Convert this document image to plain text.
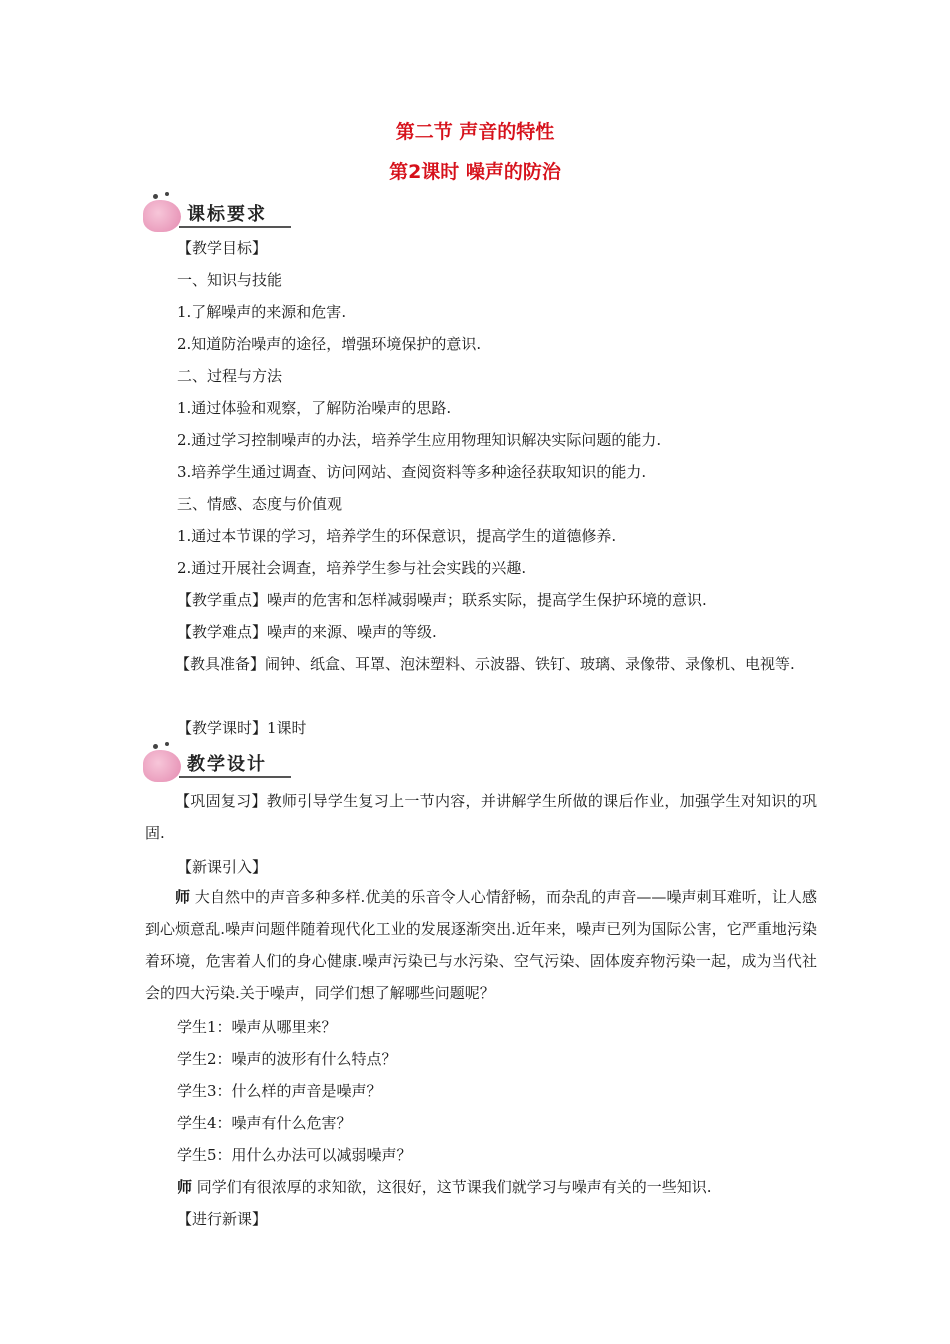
第二节 声音的特性
第2课时 噪声的防治
课标要求
【教学目标】
一、知识与技能
1.了解噪声的来源和危害.
2.知道防治噪声的途径，增强环境保护的意识.
二、过程与方法
1.通过体验和观察，了解防治噪声的思路.
2.通过学习控制噪声的办法，培养学生应用物理知识解决实际问题的能力.
3.培养学生通过调查、访问网站、查阅资料等多种途径获取知识的能力.
三、情感、态度与价值观
1.通过本节课的学习，培养学生的环保意识，提高学生的道德修养.
2.通过开展社会调查，培养学生参与社会实践的兴趣.
【教学重点】噪声的危害和怎样减弱噪声；联系实际，提高学生保护环境的意识.
【教学难点】噪声的来源、噪声的等级.
【教具准备】闹钟、纸盒、耳罩、泡沫塑料、示波器、铁钉、玻璃、录像带、录像机、电视等.
【教学课时】1课时
教学设计
【巩固复习】教师引导学生复习上一节内容，并讲解学生所做的课后作业，加强学生对知识的巩固.
【新课引入】
师 大自然中的声音多种多样.优美的乐音令人心情舒畅，而杂乱的声音——噪声刺耳难听，让人感到心烦意乱.噪声问题伴随着现代化工业的发展逐渐突出.近年来，噪声已列为国际公害，它严重地污染着环境，危害着人们的身心健康.噪声污染已与水污染、空气污染、固体废弃物污染一起，成为当代社会的四大污染.关于噪声，同学们想了解哪些问题呢？
学生1：噪声从哪里来？
学生2：噪声的波形有什么特点？
学生3：什么样的声音是噪声？
学生4：噪声有什么危害？
学生5：用什么办法可以减弱噪声？
师 同学们有很浓厚的求知欲，这很好，这节课我们就学习与噪声有关的一些知识.
【进行新课】
